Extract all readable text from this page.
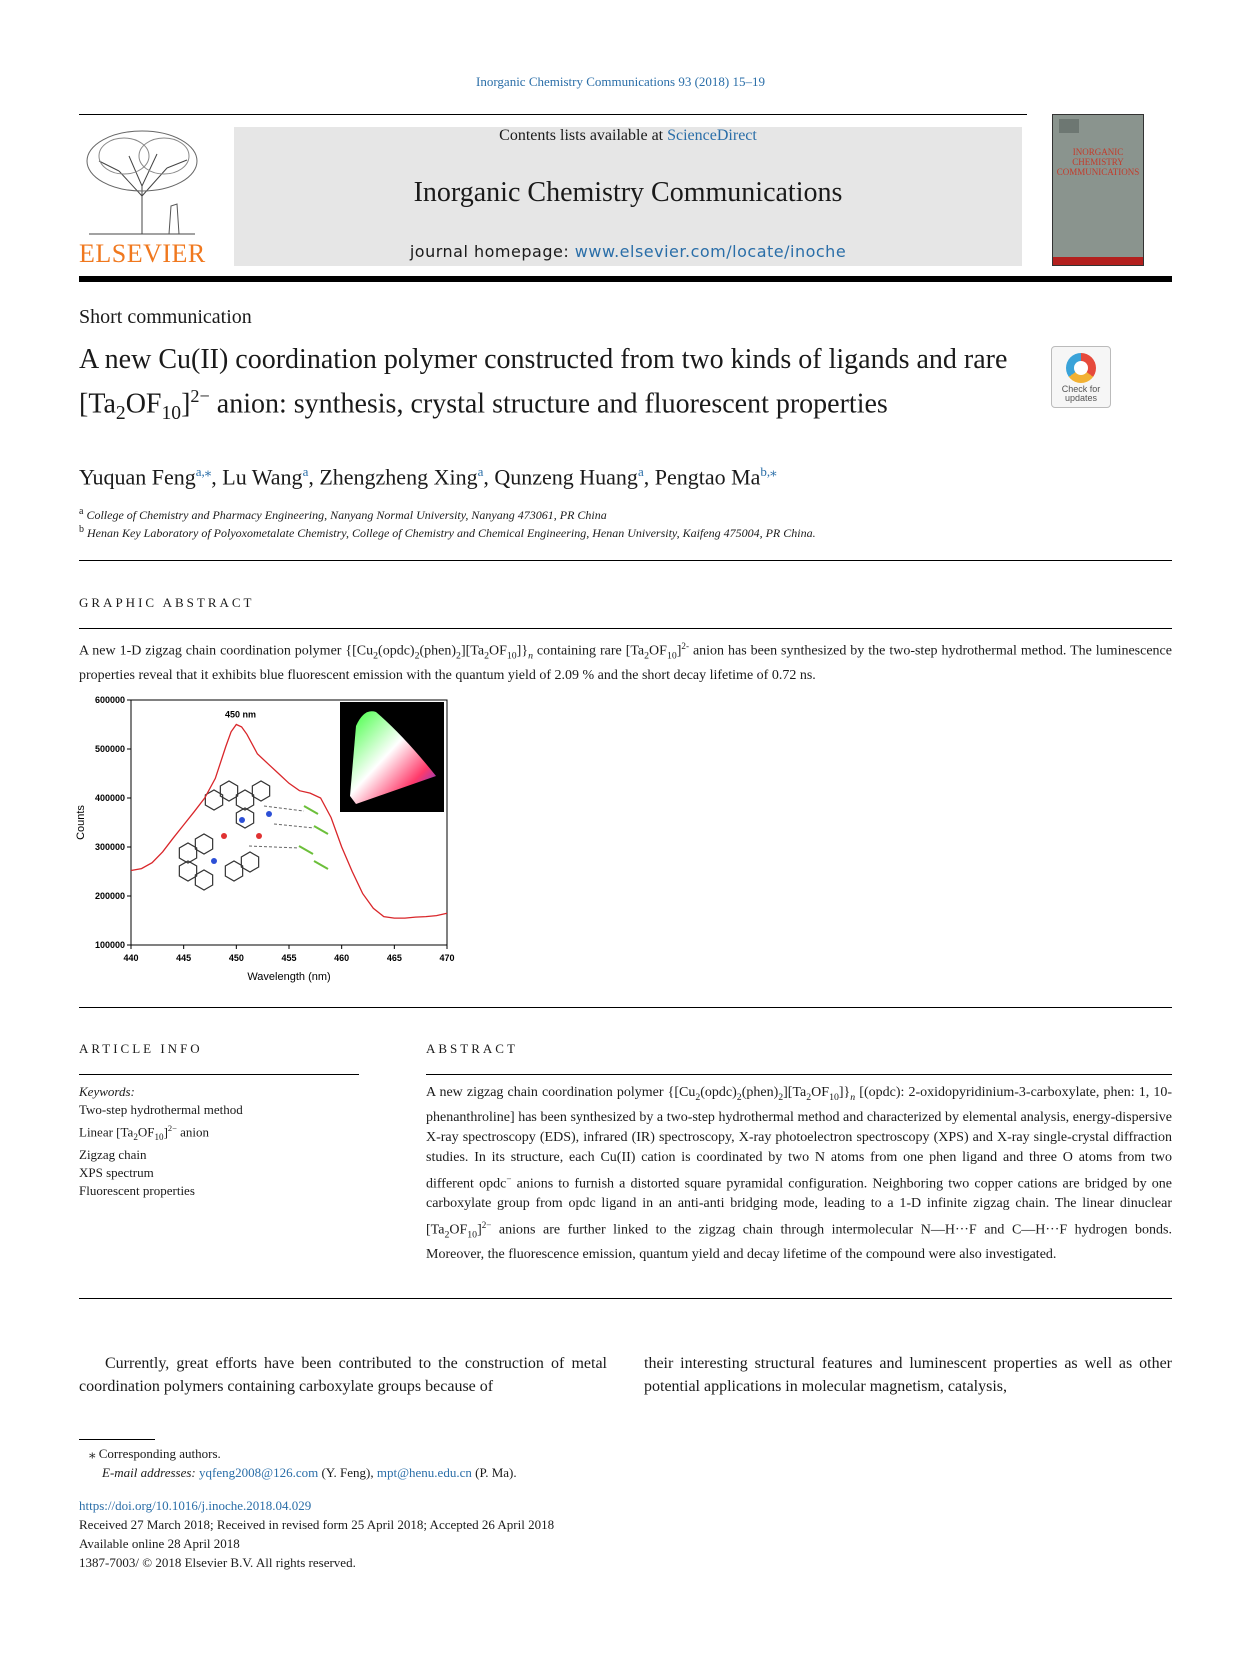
Inorganic Chemistry Communications 93 (2018) 15–19
ELSEVIER
Contents lists available at ScienceDirect
Inorganic Chemistry Communications
journal homepage: www.elsevier.com/locate/inoche
INORGANIC
CHEMISTRY
COMMUNICATIONS
Short communication
A new Cu(II) coordination polymer constructed from two kinds of ligands and rare $[Ta_2OF_{10}]^{2-}$ anion: synthesis, crystal structure and fluorescent properties	Check for
updates
Yuquan Feng$^{a,⁎}$, Lu Wang$^a$, Zhengzheng Xing$^a$, Qunzeng Huang$^a$, Pengtao $Ma^{b,⁎}$
$^a$ College of Chemistry and Pharmacy Engineering, Nanyang Normal University, Nanyang 473061, PR China
$^b$ Henan Key Laboratory of Polyoxometalate Chemistry, College of Chemistry and Chemical Engineering, Henan University, Kaifeng 475004, PR China.
GRAPHIC ABSTRACT
A new 1-D zigzag chain coordination polymer $\{[Cu_2(opdc)_2(phen)_2][Ta_2OF_{10}]\}_n$ containing rare $[Ta_2OF_{10}]^{2-}$ anion has been synthesized by the two-step hydrothermal method. The luminescence properties reveal that it exhibits blue fluorescent emission with the quantum yield of 2.09 % and the short decay lifetime of 0.72 ns.
440	445	450	455	460	465	470
100000
200000
300000
400000
500000
600000
Wavelength (nm)
Counts
450 nm
ARTICLE INFO
Keywords:
Two-step hydrothermal method
Linear $[Ta_2OF_{10}]^{2-}$ anion
Zigzag chain
XPS spectrum
Fluorescent properties
ABSTRACT
A new zigzag chain coordination polymer $\{[Cu_2(opdc)_2(phen)_2][Ta_2OF_{10}]\}_n$ [(opdc): 2-oxidopyridinium-3-carboxylate, phen: 1, 10-phenanthroline] has been synthesized by a two-step hydrothermal method and characterized by elemental analysis, energy-dispersive X-ray spectroscopy (EDS), infrared (IR) spectroscopy, X-ray photoelectron spectroscopy (XPS) and X-ray single-crystal diffraction studies. In its structure, each Cu(II) cation is coordinated by two N atoms from one phen ligand and three O atoms from two different opdc− anions to furnish a distorted square pyramidal configuration. Neighboring two copper cations are bridged by one carboxylate group from opdc ligand in an anti-anti bridging mode, leading to a 1-D infinite zigzag chain. The linear dinuclear $[Ta_2OF_{10}]^{2-}$ anions are further linked to the zigzag chain through intermolecular N—H···F and C—H···F hydrogen bonds. Moreover, the fluorescence emission, quantum yield and decay lifetime of the compound were also investigated.
Currently, great efforts have been contributed to the construction of metal coordination polymers containing carboxylate groups because of
their interesting structural features and luminescent properties as well as other potential applications in molecular magnetism, catalysis,
⁎ Corresponding authors.
E-mail addresses: yqfeng2008@126.com (Y. Feng), mpt@henu.edu.cn (P. Ma).
https://doi.org/10.1016/j.inoche.2018.04.029
Received 27 March 2018; Received in revised form 25 April 2018; Accepted 26 April 2018
Available online 28 April 2018
1387-7003/ © 2018 Elsevier B.V. All rights reserved.
